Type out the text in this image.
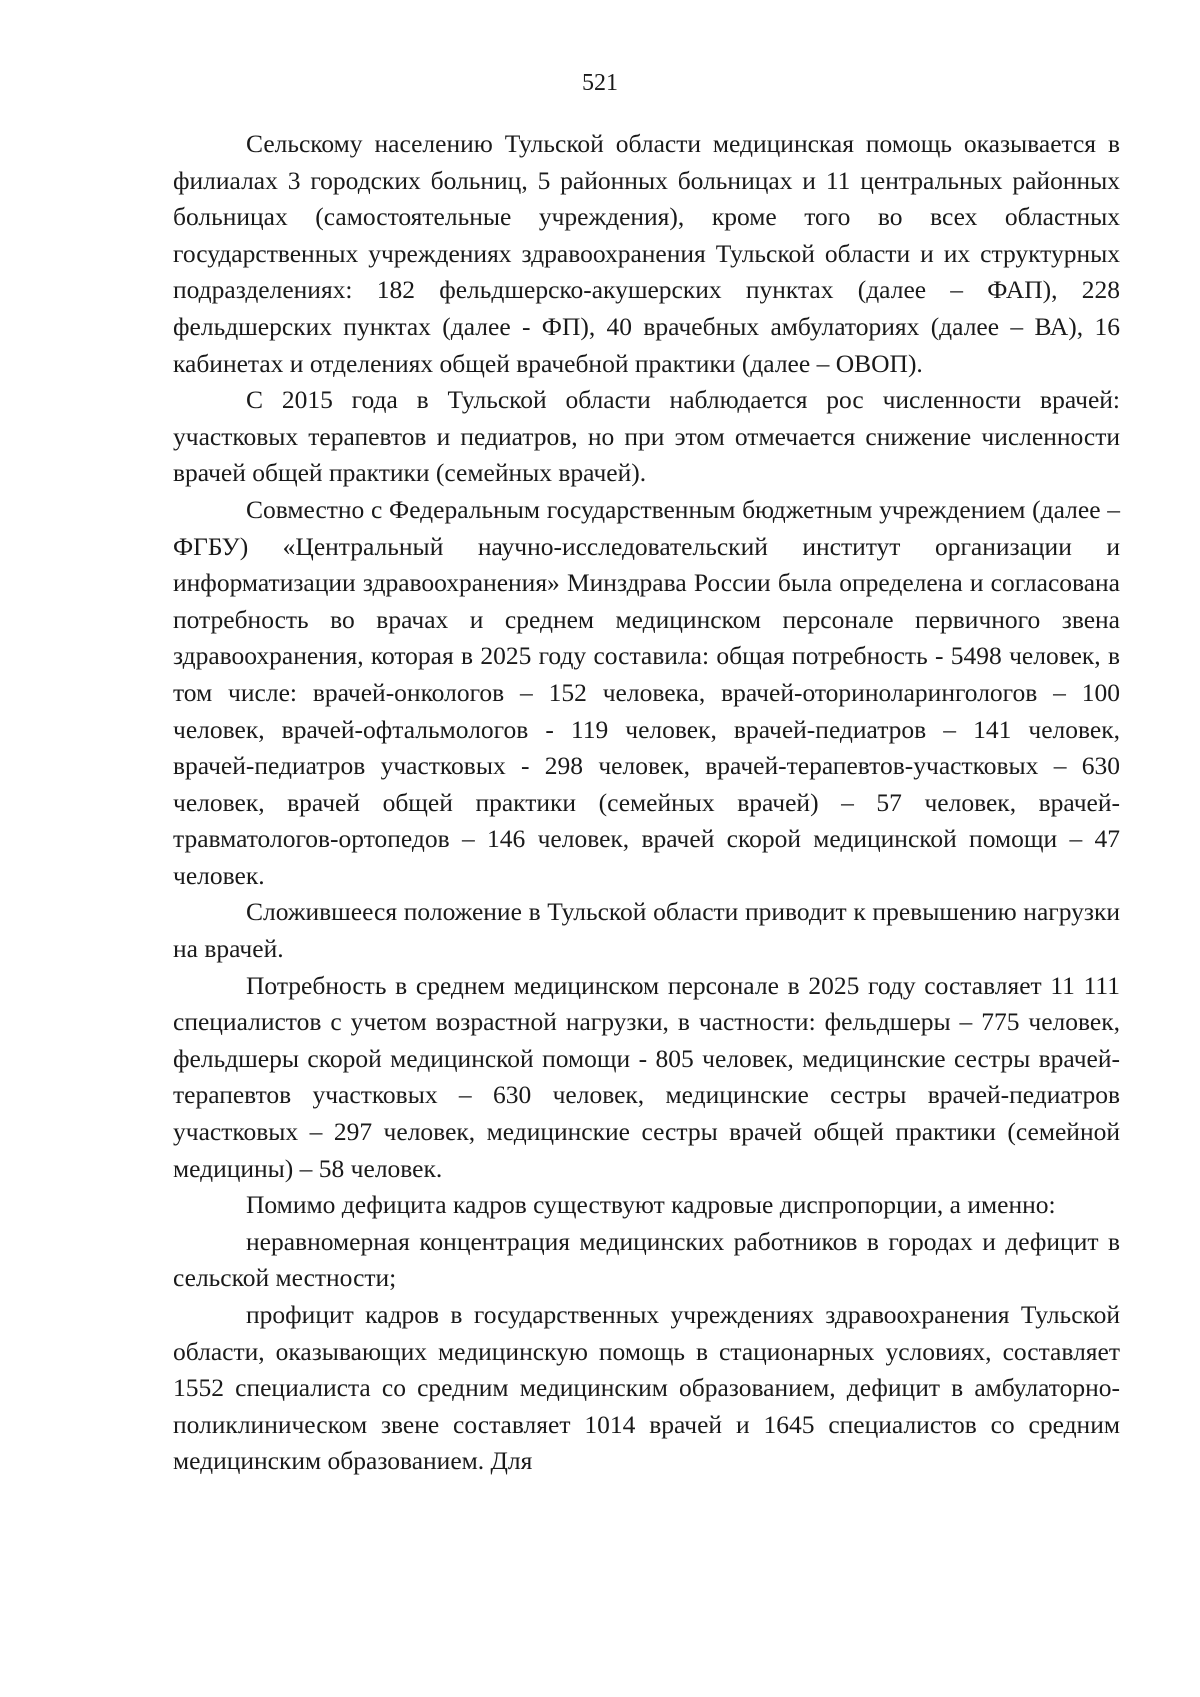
521

Сельскому населению Тульской области медицинская помощь оказывается в филиалах 3 городских больниц, 5 районных больницах и 11 центральных районных больницах (самостоятельные учреждения), кроме того во всех областных государственных учреждениях здравоохранения Тульской области и их структурных подразделениях: 182 фельдшерско-акушерских пунктах (далее – ФАП), 228 фельдшерских пунктах (далее - ФП), 40 врачебных амбулаториях (далее – ВА), 16 кабинетах и отделениях общей врачебной практики (далее – ОВОП).

С 2015 года в Тульской области наблюдается рос численности врачей: участковых терапевтов и педиатров, но при этом отмечается снижение численности врачей общей практики (семейных врачей).

Совместно с Федеральным государственным бюджетным учреждением (далее – ФГБУ) «Центральный научно-исследовательский институт организации и информатизации здравоохранения» Минздрава России была определена и согласована потребность во врачах и среднем медицинском персонале первичного звена здравоохранения, которая в 2025 году составила: общая потребность - 5498 человек, в том числе: врачей-онкологов – 152 человека, врачей-оториноларингологов – 100 человек, врачей-офтальмологов - 119 человек, врачей-педиатров – 141 человек, врачей-педиатров участковых - 298 человек, врачей-терапевтов-участковых – 630 человек, врачей общей практики (семейных врачей) – 57 человек, врачей-травматологов-ортопедов – 146 человек, врачей скорой медицинской помощи – 47 человек.

Сложившееся положение в Тульской области приводит к превышению нагрузки на врачей.

Потребность в среднем медицинском персонале в 2025 году составляет 11 111 специалистов с учетом возрастной нагрузки, в частности: фельдшеры – 775 человек, фельдшеры скорой медицинской помощи - 805 человек, медицинские сестры врачей-терапевтов участковых – 630 человек, медицинские сестры врачей-педиатров участковых – 297 человек, медицинские сестры врачей общей практики (семейной медицины) – 58 человек.

Помимо дефицита кадров существуют кадровые диспропорции, а именно:

неравномерная концентрация медицинских работников в городах и дефицит в сельской местности;

профицит кадров в государственных учреждениях здравоохранения Тульской области, оказывающих медицинскую помощь в стационарных условиях, составляет 1552 специалиста со средним медицинским образованием, дефицит в амбулаторно-поликлиническом звене составляет 1014 врачей и 1645 специалистов со средним медицинским образованием. Для
